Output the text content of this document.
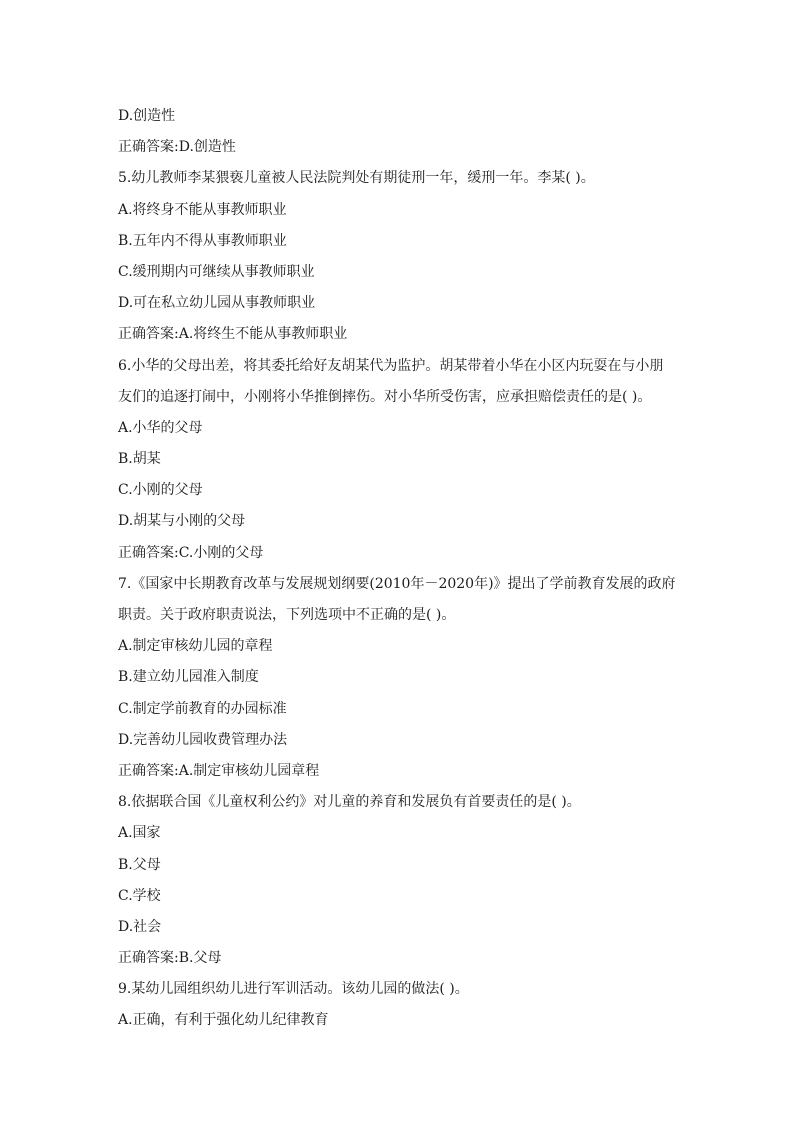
D.创造性
正确答案:D.创造性
5.幼儿教师李某猥亵儿童被人民法院判处有期徒刑一年，缓刑一年。李某( )。
A.将终身不能从事教师职业
B.五年内不得从事教师职业
C.缓刑期内可继续从事教师职业
D.可在私立幼儿园从事教师职业
正确答案:A.将终生不能从事教师职业
6.小华的父母出差，将其委托给好友胡某代为监护。胡某带着小华在小区内玩耍在与小朋
友们的追逐打闹中，小刚将小华推倒摔伤。对小华所受伤害，应承担赔偿责任的是( )。
A.小华的父母
B.胡某
C.小刚的父母
D.胡某与小刚的父母
正确答案:C.小刚的父母
7.《国家中长期教育改革与发展规划纲要(2010年－2020年)》提出了学前教育发展的政府
职责。关于政府职责说法，下列选项中不正确的是( )。
A.制定审核幼儿园的章程
B.建立幼儿园准入制度
C.制定学前教育的办园标准
D.完善幼儿园收费管理办法
正确答案:A.制定审核幼儿园章程
8.依据联合国《儿童权利公约》对儿童的养育和发展负有首要责任的是( )。
A.国家
B.父母
C.学校
D.社会
正确答案:B.父母
9.某幼儿园组织幼儿进行军训活动。该幼儿园的做法( )。
A.正确，有利于强化幼儿纪律教育
